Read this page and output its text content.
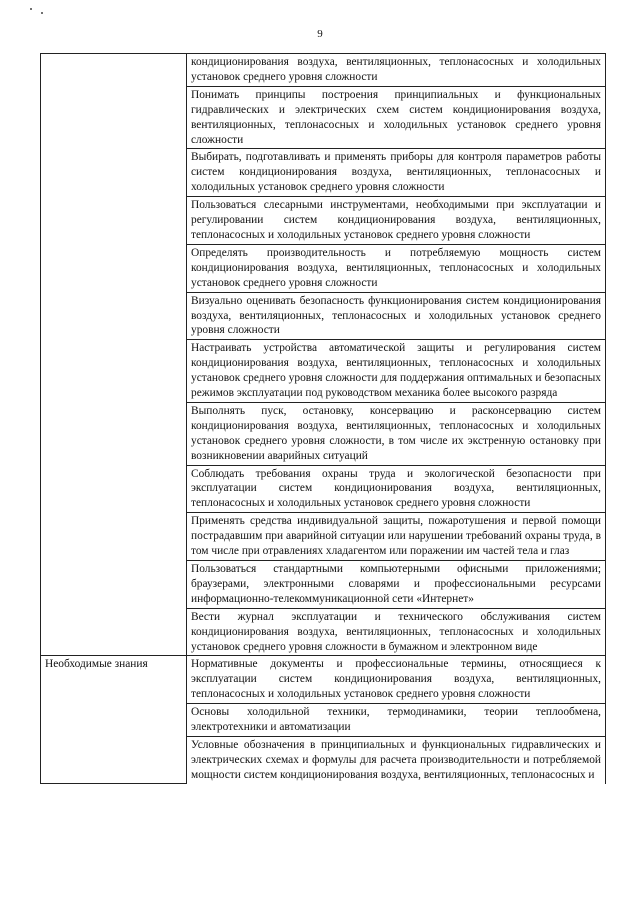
9

	кондиционирования воздуха, вентиляционных, теплонасосных и холодильных установок среднего уровня сложности

	Понимать принципы построения принципиальных и функциональных гидравлических и электрических схем систем кондиционирования воздуха, вентиляционных, теплонасосных и холодильных установок среднего уровня сложности

	Выбирать, подготавливать и применять приборы для контроля параметров работы систем кондиционирования воздуха, вентиляционных, теплонасосных и холодильных установок среднего уровня сложности

	Пользоваться слесарными инструментами, необходимыми при эксплуатации и регулировании систем кондиционирования воздуха, вентиляционных, теплонасосных и холодильных установок среднего уровня сложности

	Определять производительность и потребляемую мощность систем кондиционирования воздуха, вентиляционных, теплонасосных и холодильных установок среднего уровня сложности

	Визуально оценивать безопасность функционирования систем кондиционирования воздуха, вентиляционных, теплонасосных и холодильных установок среднего уровня сложности

	Настраивать устройства автоматической защиты и регулирования систем кондиционирования воздуха, вентиляционных, теплонасосных и холодильных установок среднего уровня сложности для поддержания оптимальных и безопасных режимов эксплуатации под руководством механика более высокого разряда

	Выполнять пуск, остановку, консервацию и расконсервацию систем кондиционирования воздуха, вентиляционных, теплонасосных и холодильных установок среднего уровня сложности, в том числе их экстренную остановку при возникновении аварийных ситуаций

	Соблюдать требования охраны труда и экологической безопасности при эксплуатации систем кондиционирования воздуха, вентиляционных, теплонасосных и холодильных установок среднего уровня сложности

	Применять средства индивидуальной защиты, пожаротушения и первой помощи пострадавшим при аварийной ситуации или нарушении требований охраны труда, в том числе при отравлениях хладагентом или поражении им частей тела и глаз

	Пользоваться стандартными компьютерными офисными приложениями; браузерами, электронными словарями и профессиональными ресурсами информационно-телекоммуникационной сети «Интернет»

	Вести журнал эксплуатации и технического обслуживания систем кондиционирования воздуха, вентиляционных, теплонасосных и холодильных установок среднего уровня сложности в бумажном и электронном виде

Необходимые знания	Нормативные документы и профессиональные термины, относящиеся к эксплуатации систем кондиционирования воздуха, вентиляционных, теплонасосных и холодильных установок среднего уровня сложности

	Основы холодильной техники, термодинамики, теории теплообмена, электротехники и автоматизации

	Условные обозначения в принципиальных и функциональных гидравлических и электрических схемах и формулы для расчета производительности и потребляемой мощности систем кондиционирования воздуха, вентиляционных, теплонасосных и
